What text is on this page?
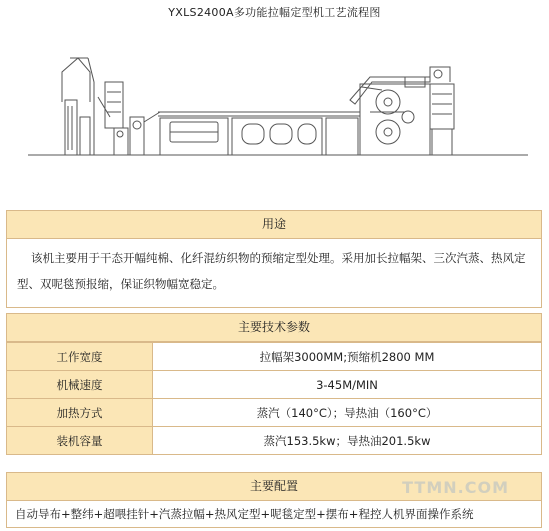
YXLS2400A多功能拉幅定型机工艺流程图
用途
该机主要用于干态开幅纯棉、化纤混纺织物的预缩定型处理。采用加长拉幅架、三次汽蒸、热风定型、双呢毯预报缩，保证织物幅宽稳定。
主要技术参数
工作宽度	拉幅架3000MM;预缩机2800 MM
机械速度	3-45M/MIN
加热方式	蒸汽（140°C）；导热油（160°C）
装机容量	蒸汽153.5kw；导热油201.5kw
主要配置
自动导布+整纬+超喂挂针+汽蒸拉幅+热风定型+呢毯定型+摆布+程控人机界面操作系统
TTMN.COM
